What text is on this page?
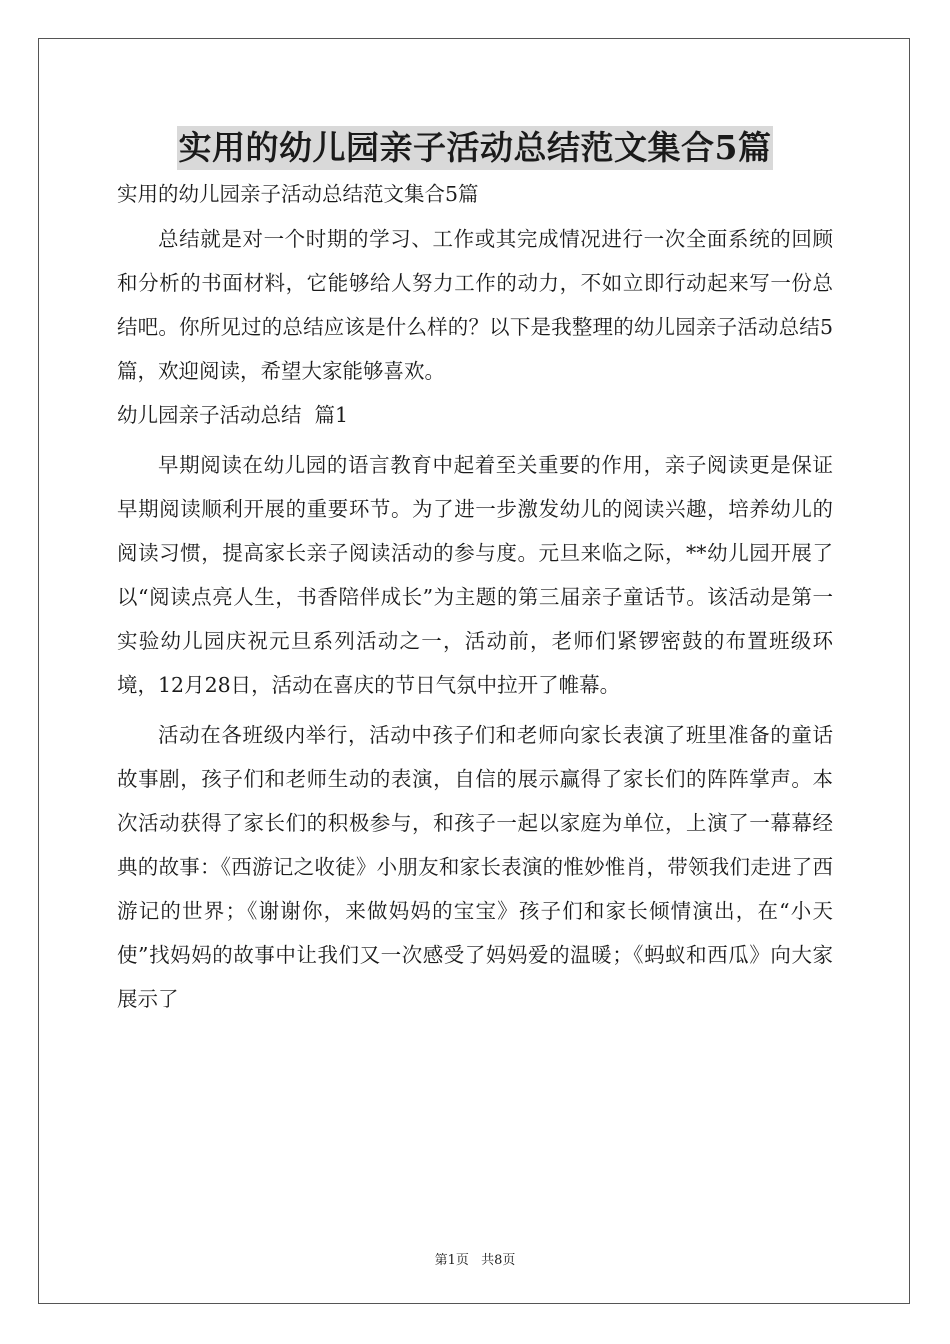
实用的幼儿园亲子活动总结范文集合5篇

实用的幼儿园亲子活动总结范文集合5篇

总结就是对一个时期的学习、工作或其完成情况进行一次全面系统的回顾和分析的书面材料，它能够给人努力工作的动力，不如立即行动起来写一份总结吧。你所见过的总结应该是什么样的？以下是我整理的幼儿园亲子活动总结5篇，欢迎阅读，希望大家能够喜欢。

幼儿园亲子活动总结  篇1

早期阅读在幼儿园的语言教育中起着至关重要的作用，亲子阅读更是保证早期阅读顺利开展的重要环节。为了进一步激发幼儿的阅读兴趣，培养幼儿的阅读习惯，提高家长亲子阅读活动的参与度。元旦来临之际，**幼儿园开展了以“阅读点亮人生，书香陪伴成长”为主题的第三届亲子童话节。该活动是第一实验幼儿园庆祝元旦系列活动之一，活动前，老师们紧锣密鼓的布置班级环境，12月28日，活动在喜庆的节日气氛中拉开了帷幕。

活动在各班级内举行，活动中孩子们和老师向家长表演了班里准备的童话故事剧，孩子们和老师生动的表演，自信的展示赢得了家长们的阵阵掌声。本次活动获得了家长们的积极参与，和孩子一起以家庭为单位，上演了一幕幕经典的故事：《西游记之收徒》小朋友和家长表演的惟妙惟肖，带领我们走进了西游记的世界；《谢谢你，来做妈妈的宝宝》孩子们和家长倾情演出，在“小天使”找妈妈的故事中让我们又一次感受了妈妈爱的温暖；《蚂蚁和西瓜》向大家展示了

第1页 共8页
